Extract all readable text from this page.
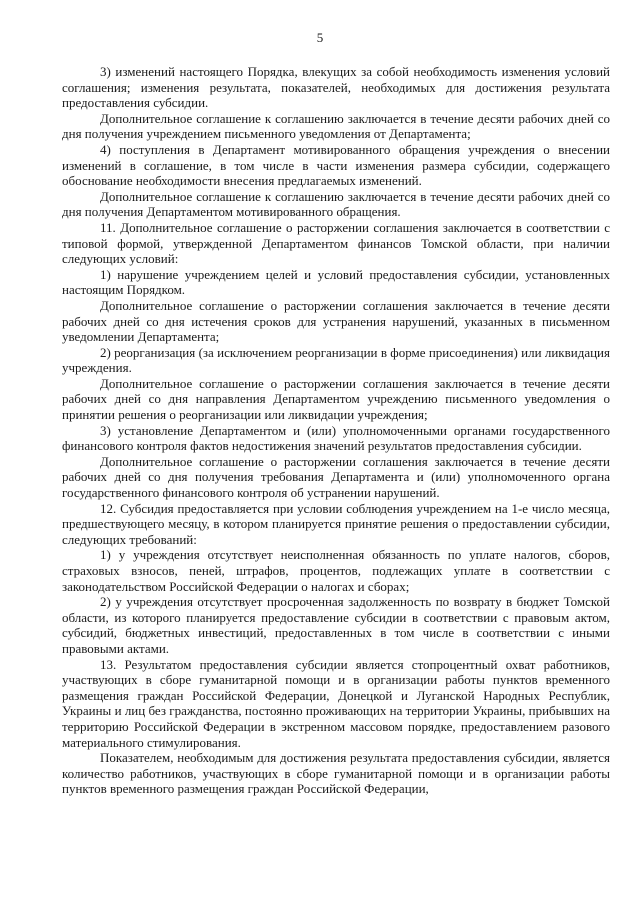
5

3) изменений настоящего Порядка, влекущих за собой необходимость изменения условий соглашения; изменения результата, показателей, необходимых для достижения результата предоставления субсидии.

Дополнительное соглашение к соглашению заключается в течение десяти рабочих дней со дня получения учреждением письменного уведомления от Департамента;

4) поступления в Департамент мотивированного обращения учреждения о внесении изменений в соглашение, в том числе в части изменения размера субсидии, содержащего обоснование необходимости внесения предлагаемых изменений.

Дополнительное соглашение к соглашению заключается в течение десяти рабочих дней со дня получения Департаментом мотивированного обращения.

11. Дополнительное соглашение о расторжении соглашения заключается в соответствии с типовой формой, утвержденной Департаментом финансов Томской области, при наличии следующих условий:

1) нарушение учреждением целей и условий предоставления субсидии, установленных настоящим Порядком.

Дополнительное соглашение о расторжении соглашения заключается в течение десяти рабочих дней со дня истечения сроков для устранения нарушений, указанных в письменном уведомлении Департамента;

2) реорганизация (за исключением реорганизации в форме присоединения) или ликвидация учреждения.

Дополнительное соглашение о расторжении соглашения заключается в течение десяти рабочих дней со дня направления Департаментом учреждению письменного уведомления о принятии решения о реорганизации или ликвидации учреждения;

3) установление Департаментом и (или) уполномоченными органами государственного финансового контроля фактов недостижения значений результатов предоставления субсидии.

Дополнительное соглашение о расторжении соглашения заключается в течение десяти рабочих дней со дня получения требования Департамента и (или) уполномоченного органа государственного финансового контроля об устранении нарушений.

12. Субсидия предоставляется при условии соблюдения учреждением на 1-е число месяца, предшествующего месяцу, в котором планируется принятие решения о предоставлении субсидии, следующих требований:

1) у учреждения отсутствует неисполненная обязанность по уплате налогов, сборов, страховых взносов, пеней, штрафов, процентов, подлежащих уплате в соответствии с законодательством Российской Федерации о налогах и сборах;

2) у учреждения отсутствует просроченная задолженность по возврату в бюджет Томской области, из которого планируется предоставление субсидии в соответствии с правовым актом, субсидий, бюджетных инвестиций, предоставленных в том числе в соответствии с иными правовыми актами.

13. Результатом предоставления субсидии является стопроцентный охват работников, участвующих в сборе гуманитарной помощи и в организации работы пунктов временного размещения граждан Российской Федерации, Донецкой и Луганской Народных Республик, Украины и лиц без гражданства, постоянно проживающих на территории Украины, прибывших на территорию Российской Федерации в экстренном массовом порядке, предоставлением разового материального стимулирования.

Показателем, необходимым для достижения результата предоставления субсидии, является количество работников, участвующих в сборе гуманитарной помощи и в организации работы пунктов временного размещения граждан Российской Федерации,
